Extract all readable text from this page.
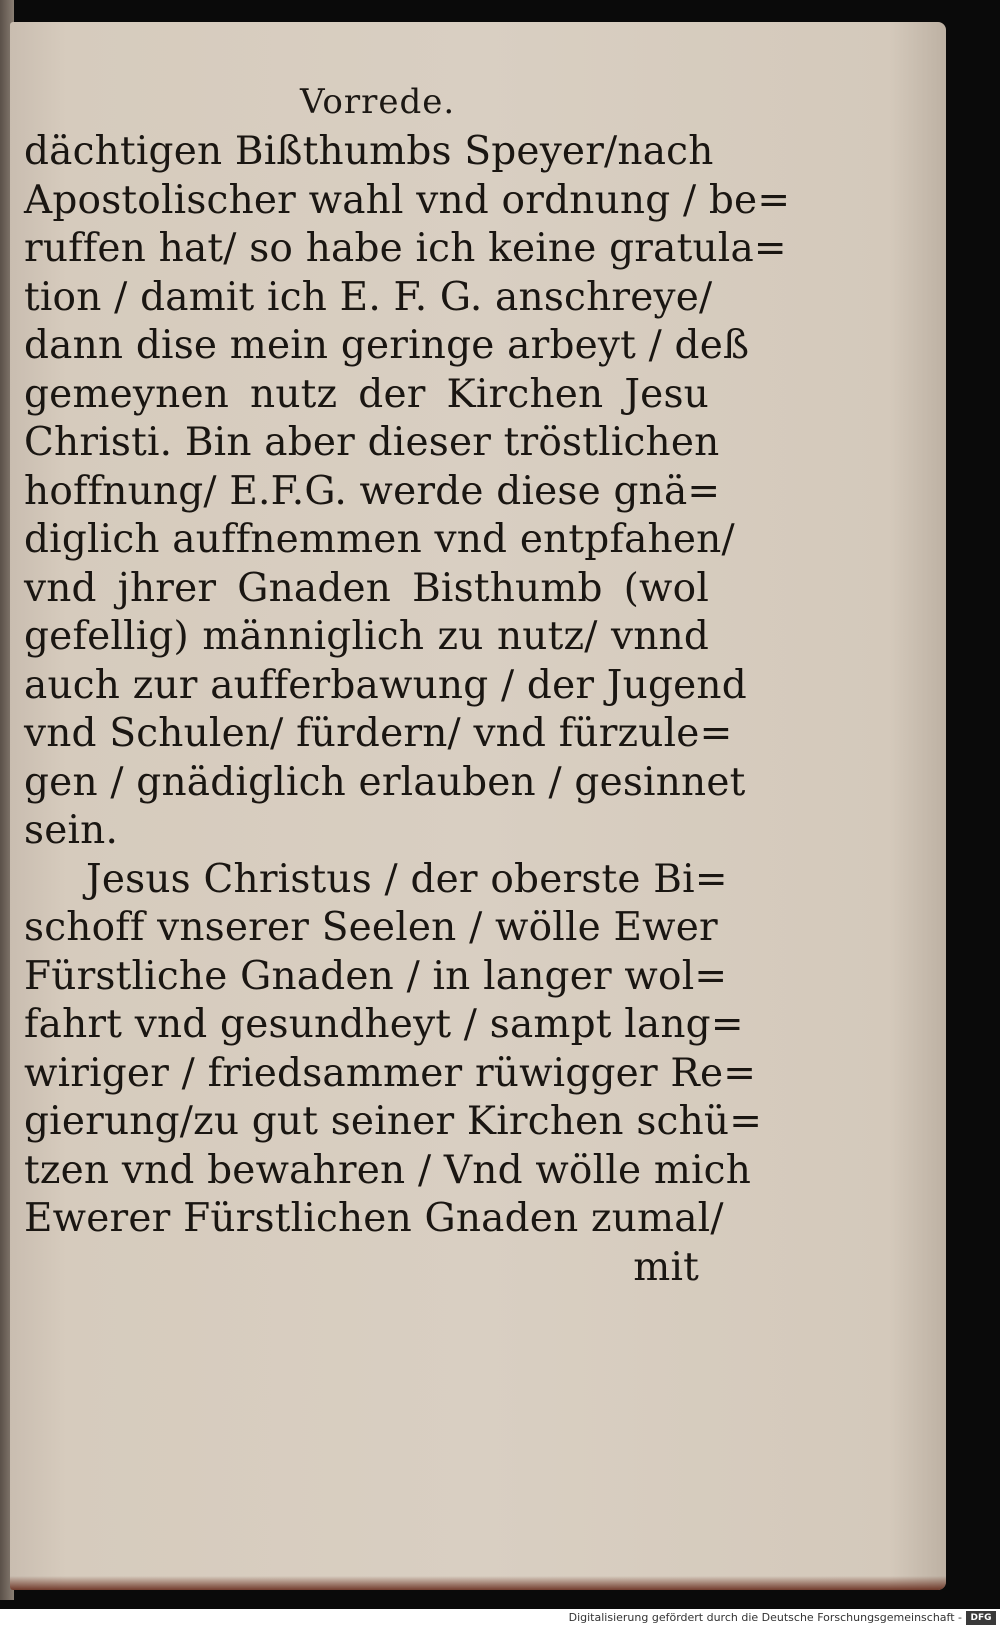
Vorrede.
dächtigen Bißthumbs Speyer/nach
Apostolischer wahl vnd ordnung / be=
ruffen hat/ so habe ich keine gratula=
tion / damit ich E. F. G. anschreye/
dann dise mein geringe arbeyt / deß
gemeynen nutz der Kirchen Jesu
Christi. Bin aber dieser tröstlichen
hoffnung/ E.F.G. werde diese gnä=
diglich auffnemmen vnd entpfahen/
vnd jhrer Gnaden Bisthumb (wol
gefellig) männiglich zu nutz/ vnnd
auch zur aufferbawung / der Jugend
vnd Schulen/ fürdern/ vnd fürzule=
gen / gnädiglich erlauben / gesinnet
sein.
Jesus Christus / der oberste Bi=
schoff vnserer Seelen / wölle Ewer
Fürstliche Gnaden / in langer wol=
fahrt vnd gesundheyt / sampt lang=
wiriger / friedsammer rüwigger Re=
gierung/zu gut seiner Kirchen schü=
tzen vnd bewahren / Vnd wölle mich
Ewerer Fürstlichen Gnaden zumal/
mit
Digitalisierung gefördert durch die Deutsche Forschungsgemeinschaft - DFG
